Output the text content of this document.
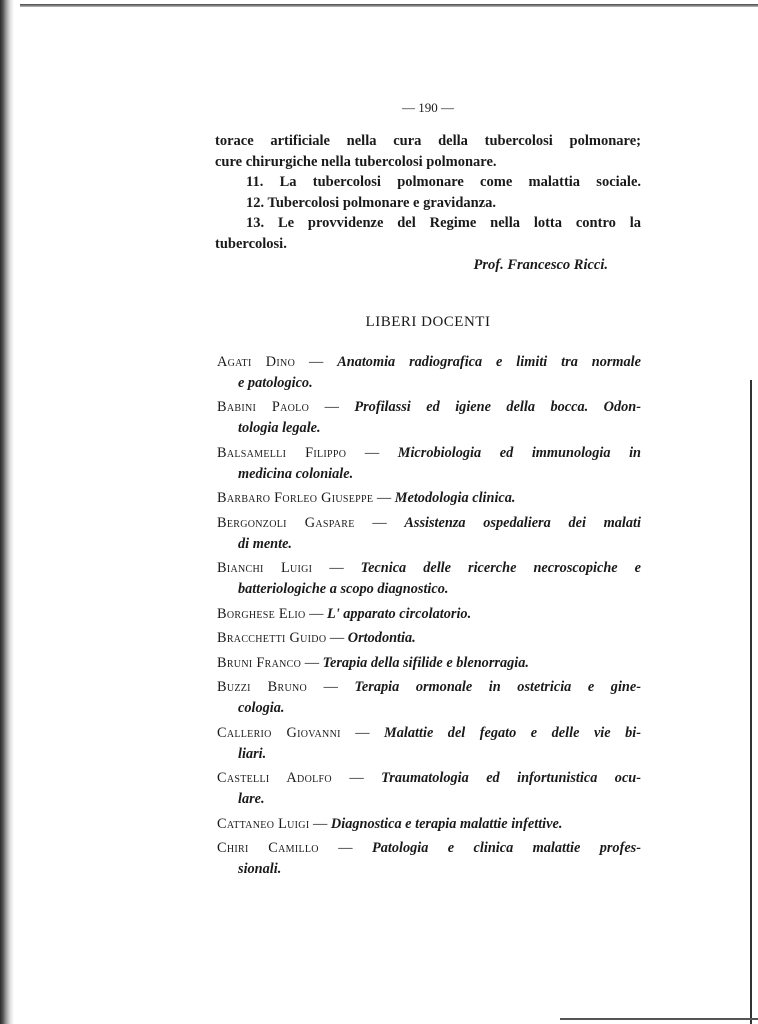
— 190 —
torace artificiale nella cura della tubercolosi polmonare;
cure chirurgiche nella tubercolosi polmonare.
11. La tubercolosi polmonare come malattia sociale.
12. Tubercolosi polmonare e gravidanza.
13. Le provvidenze del Regime nella lotta contro la
tubercolosi.
Prof. Francesco Ricci.
LIBERI DOCENTI
Agati Dino — Anatomia radiografica e limiti tra normale
e patologico.
Babini Paolo — Profilassi ed igiene della bocca. Odon-
tologia legale.
Balsamelli Filippo — Microbiologia ed immunologia in
medicina coloniale.
Barbaro Forleo Giuseppe — Metodologia clinica.
Bergonzoli Gaspare — Assistenza ospedaliera dei malati
di mente.
Bianchi Luigi — Tecnica delle ricerche necroscopiche e
batteriologiche a scopo diagnostico.
Borghese Elio — L' apparato circolatorio.
Bracchetti Guido — Ortodontia.
Bruni Franco — Terapia della sifilide e blenorragia.
Buzzi Bruno — Terapia ormonale in ostetricia e gine-
cologia.
Callerio Giovanni — Malattie del fegato e delle vie bi-
liari.
Castelli Adolfo — Traumatologia ed infortunistica ocu-
lare.
Cattaneo Luigi — Diagnostica e terapia malattie infettive.
Chiri Camillo — Patologia e clinica malattie profes-
sionali.
